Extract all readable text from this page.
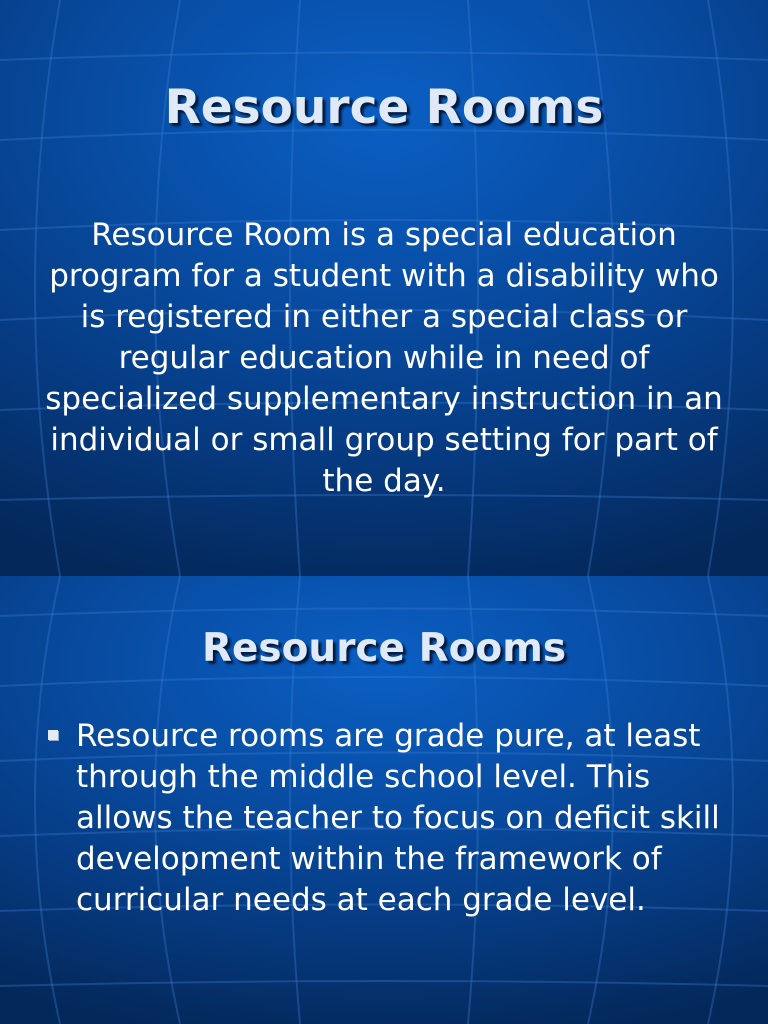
Resource Rooms

Resource Room is a special education program for a student with a disability who is registered in either a special class or regular education while in need of specialized supplementary instruction in an individual or small group setting for part of the day.

Resource Rooms
Resource rooms are grade pure, at least through the middle school level. This allows the teacher to focus on deficit skill development within the framework of curricular needs at each grade level.
